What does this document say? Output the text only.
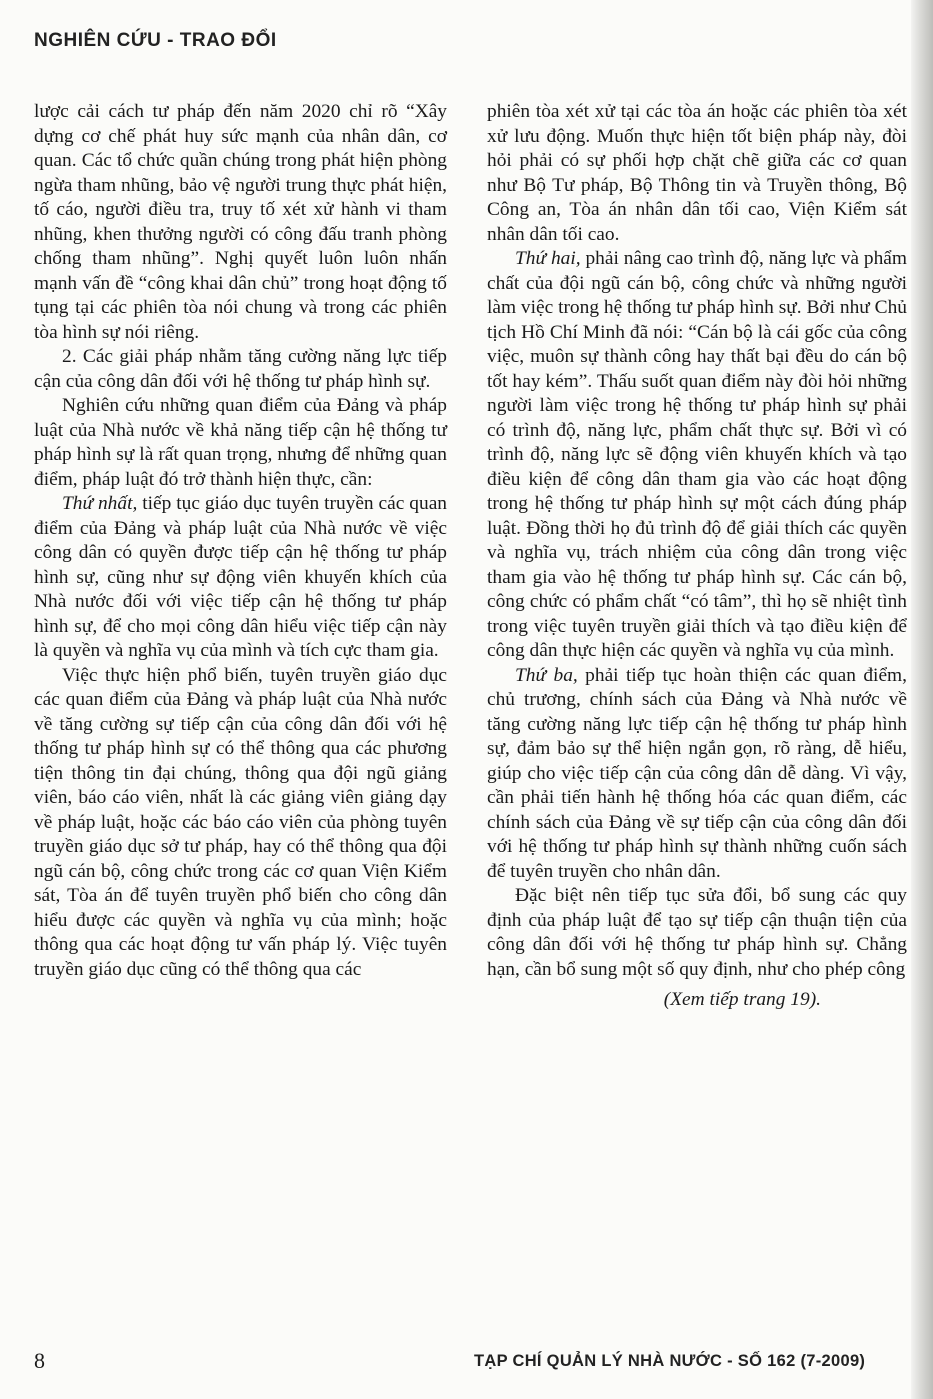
NGHIÊN CỨU - TRAO ĐỔI

lược cải cách tư pháp đến năm 2020 chỉ rõ “Xây dựng cơ chế phát huy sức mạnh của nhân dân, cơ quan. Các tổ chức quần chúng trong phát hiện phòng ngừa tham nhũng, bảo vệ người trung thực phát hiện, tố cáo, người điều tra, truy tố xét xử hành vi tham nhũng, khen thưởng người có công đấu tranh phòng chống tham nhũng”. Nghị quyết luôn luôn nhấn mạnh vấn đề “công khai dân chủ” trong hoạt động tố tụng tại các phiên tòa nói chung và trong các phiên tòa hình sự nói riêng.

2. Các giải pháp nhằm tăng cường năng lực tiếp cận của công dân đối với hệ thống tư pháp hình sự.

Nghiên cứu những quan điểm của Đảng và pháp luật của Nhà nước về khả năng tiếp cận hệ thống tư pháp hình sự là rất quan trọng, nhưng để những quan điểm, pháp luật đó trở thành hiện thực, cần:

Thứ nhất, tiếp tục giáo dục tuyên truyền các quan điểm của Đảng và pháp luật của Nhà nước về việc công dân có quyền được tiếp cận hệ thống tư pháp hình sự, cũng như sự động viên khuyến khích của Nhà nước đối với việc tiếp cận hệ thống tư pháp hình sự, để cho mọi công dân hiểu việc tiếp cận này là quyền và nghĩa vụ của mình và tích cực tham gia.

Việc thực hiện phổ biến, tuyên truyền giáo dục các quan điểm của Đảng và pháp luật của Nhà nước về tăng cường sự tiếp cận của công dân đối với hệ thống tư pháp hình sự có thể thông qua các phương tiện thông tin đại chúng, thông qua đội ngũ giảng viên, báo cáo viên, nhất là các giảng viên giảng dạy về pháp luật, hoặc các báo cáo viên của phòng tuyên truyền giáo dục sở tư pháp, hay có thể thông qua đội ngũ cán bộ, công chức trong các cơ quan Viện Kiểm sát, Tòa án để tuyên truyền phổ biến cho công dân hiểu được các quyền và nghĩa vụ của mình; hoặc thông qua các hoạt động tư vấn pháp lý. Việc tuyên truyền giáo dục cũng có thể thông qua các

phiên tòa xét xử tại các tòa án hoặc các phiên tòa xét xử lưu động. Muốn thực hiện tốt biện pháp này, đòi hỏi phải có sự phối hợp chặt chẽ giữa các cơ quan như Bộ Tư pháp, Bộ Thông tin và Truyền thông, Bộ Công an, Tòa án nhân dân tối cao, Viện Kiểm sát nhân dân tối cao.

Thứ hai, phải nâng cao trình độ, năng lực và phẩm chất của đội ngũ cán bộ, công chức và những người làm việc trong hệ thống tư pháp hình sự. Bởi như Chủ tịch Hồ Chí Minh đã nói: “Cán bộ là cái gốc của công việc, muôn sự thành công hay thất bại đều do cán bộ tốt hay kém”. Thấu suốt quan điểm này đòi hỏi những người làm việc trong hệ thống tư pháp hình sự phải có trình độ, năng lực, phẩm chất thực sự. Bởi vì có trình độ, năng lực sẽ động viên khuyến khích và tạo điều kiện để công dân tham gia vào các hoạt động trong hệ thống tư pháp hình sự một cách đúng pháp luật. Đồng thời họ đủ trình độ để giải thích các quyền và nghĩa vụ, trách nhiệm của công dân trong việc tham gia vào hệ thống tư pháp hình sự. Các cán bộ, công chức có phẩm chất “có tâm”, thì họ sẽ nhiệt tình trong việc tuyên truyền giải thích và tạo điều kiện để công dân thực hiện các quyền và nghĩa vụ của mình.

Thứ ba, phải tiếp tục hoàn thiện các quan điểm, chủ trương, chính sách của Đảng và Nhà nước về tăng cường năng lực tiếp cận hệ thống tư pháp hình sự, đảm bảo sự thể hiện ngắn gọn, rõ ràng, dễ hiểu, giúp cho việc tiếp cận của công dân dễ dàng. Vì vậy, cần phải tiến hành hệ thống hóa các quan điểm, các chính sách của Đảng về sự tiếp cận của công dân đối với hệ thống tư pháp hình sự thành những cuốn sách để tuyên truyền cho nhân dân.

Đặc biệt nên tiếp tục sửa đổi, bổ sung các quy định của pháp luật để tạo sự tiếp cận thuận tiện của công dân đối với hệ thống tư pháp hình sự. Chẳng hạn, cần bổ sung một số quy định, như cho phép công

(Xem tiếp trang 19).
8	TẠP CHÍ QUẢN LÝ NHÀ NƯỚC - SỐ 162 (7-2009)
